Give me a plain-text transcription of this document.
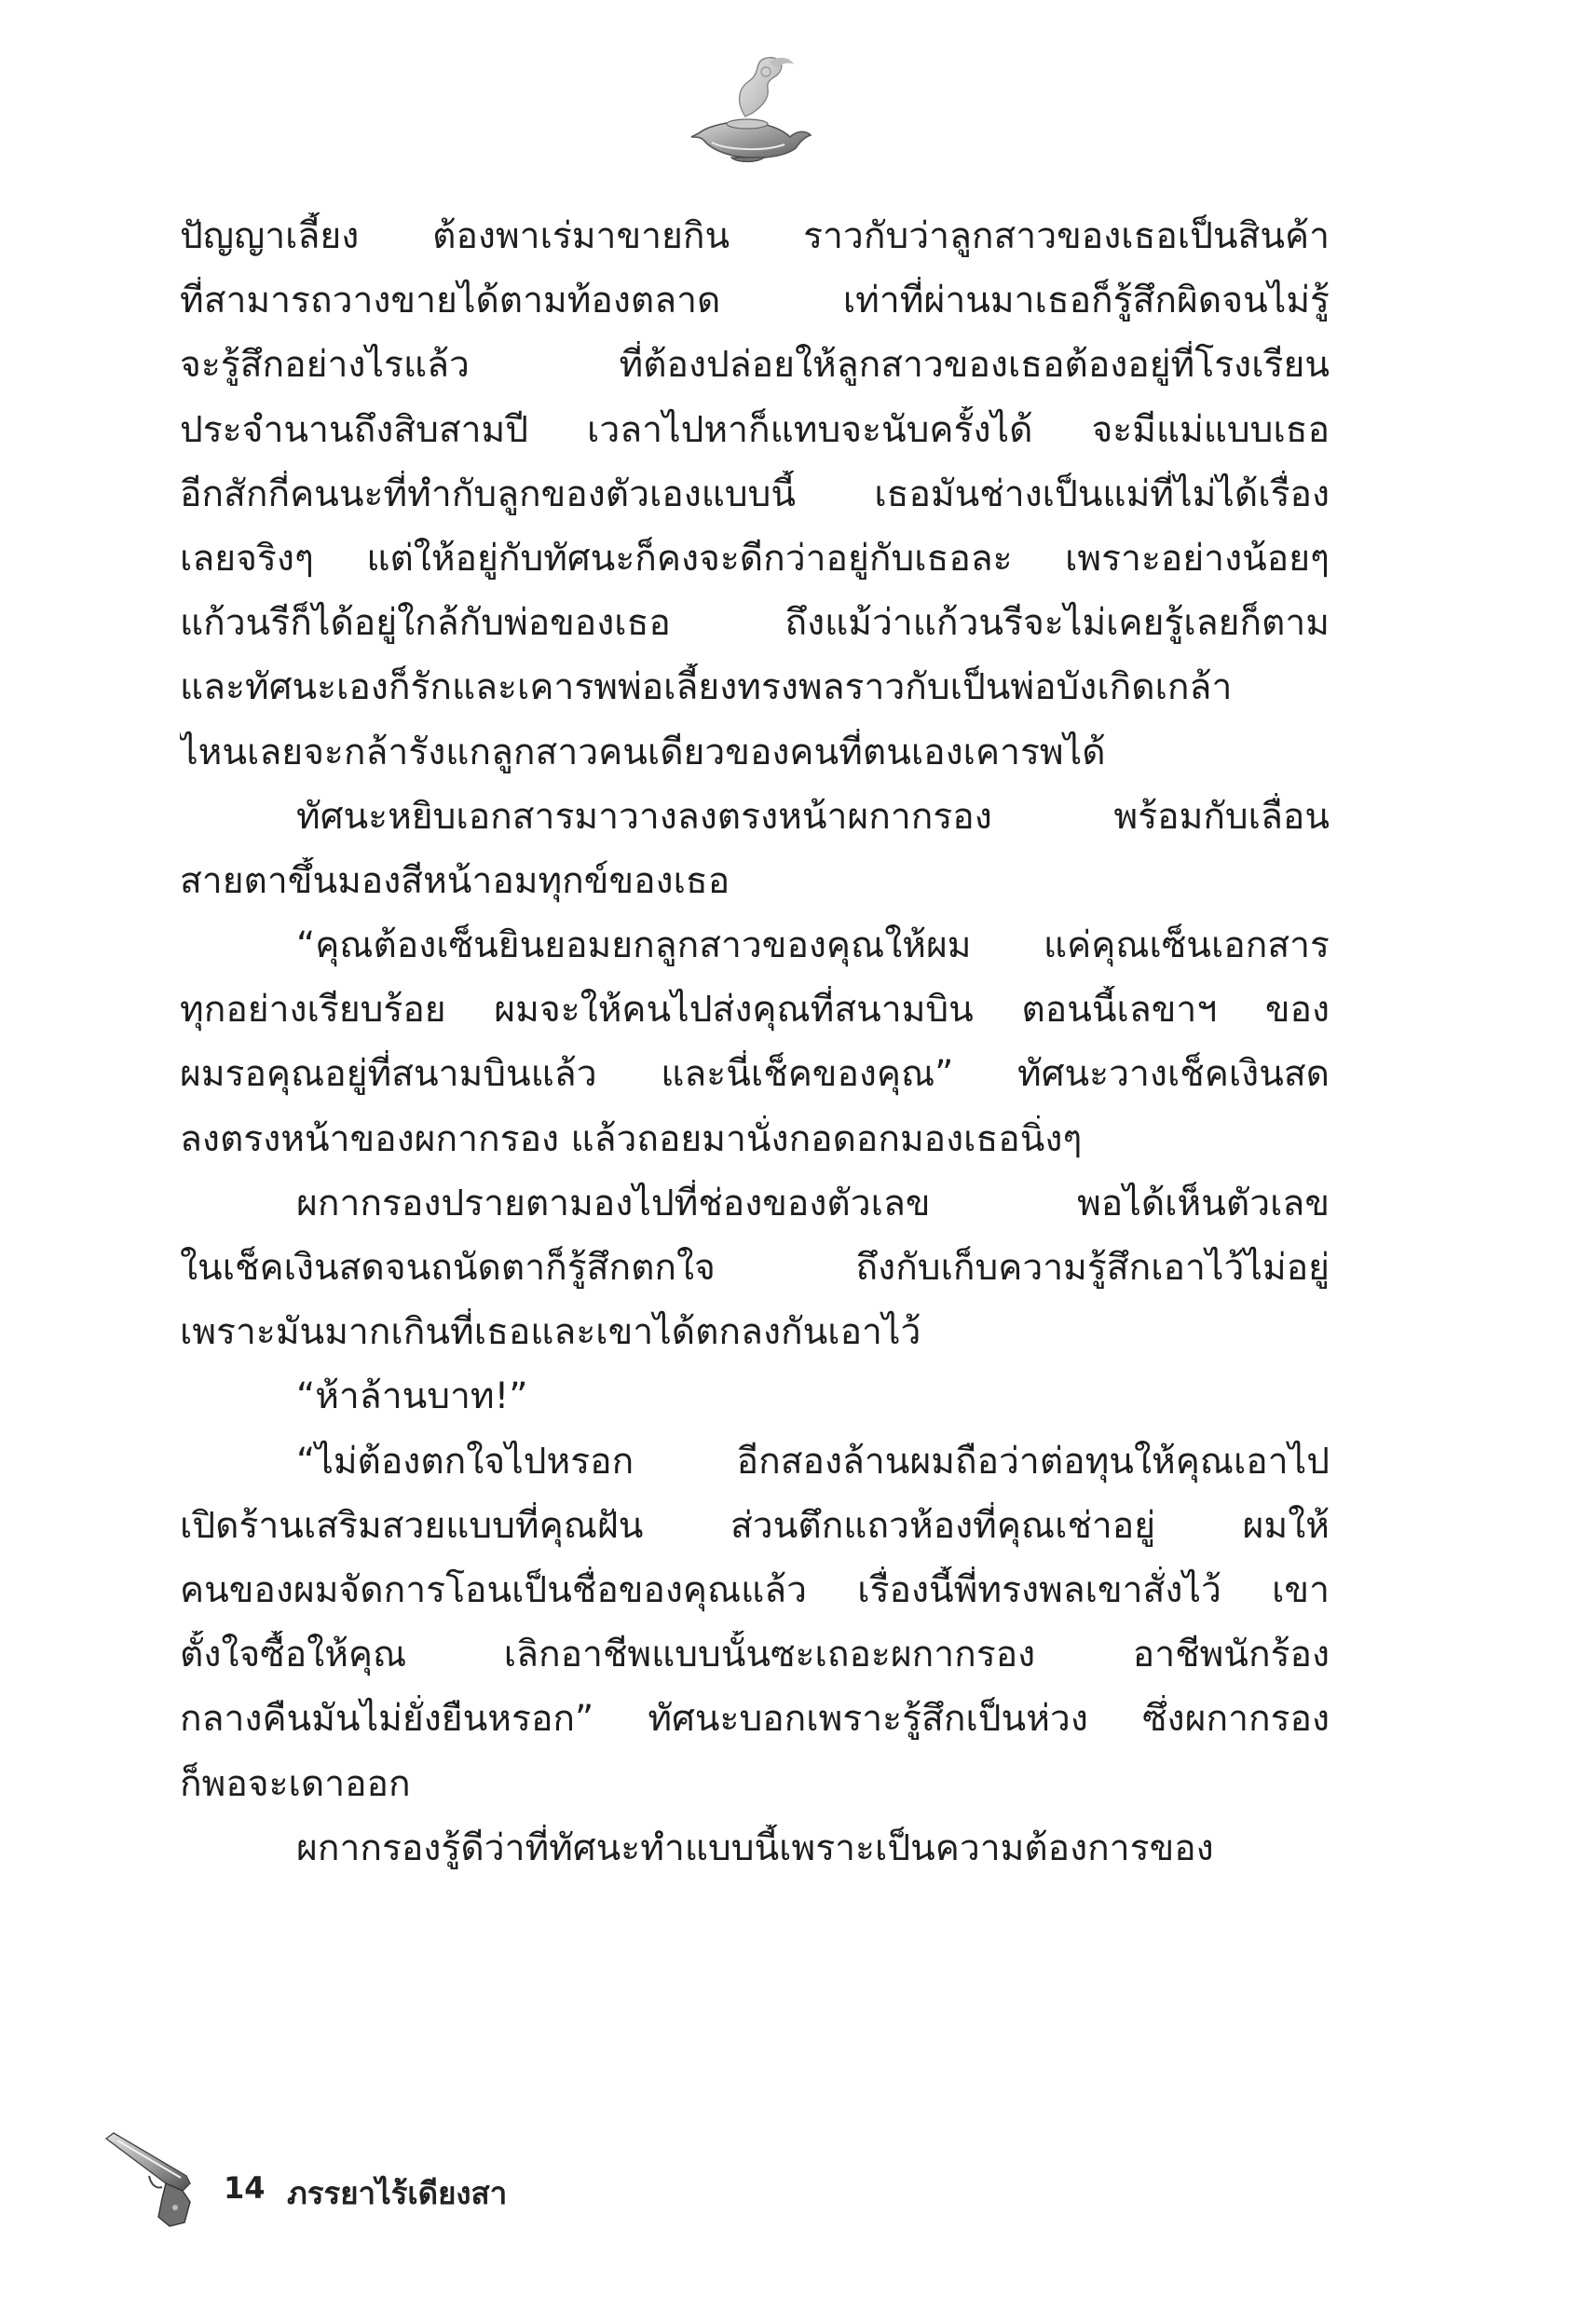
ปัญญาเลี้ยง ต้องพาเร่มาขายกิน ราวกับว่าลูกสาวของเธอเป็นสินค้า
ที่สามารถวางขายได้ตามท้องตลาด เท่าที่ผ่านมาเธอก็รู้สึกผิดจนไม่รู้
จะรู้สึกอย่างไรแล้ว ที่ต้องปล่อยให้ลูกสาวของเธอต้องอยู่ที่โรงเรียน
ประจำนานถึงสิบสามปี เวลาไปหาก็แทบจะนับครั้งได้ จะมีแม่แบบเธอ
อีกสักกี่คนนะที่ทำกับลูกของตัวเองแบบนี้ เธอมันช่างเป็นแม่ที่ไม่ได้เรื่อง
เลยจริงๆ แต่ให้อยู่กับทัศนะก็คงจะดีกว่าอยู่กับเธอละ เพราะอย่างน้อยๆ
แก้วนรีก็ได้อยู่ใกล้กับพ่อของเธอ ถึงแม้ว่าแก้วนรีจะไม่เคยรู้เลยก็ตาม
และทัศนะเองก็รักและเคารพพ่อเลี้ยงทรงพลราวกับเป็นพ่อบังเกิดเกล้า
ไหนเลยจะกล้ารังแกลูกสาวคนเดียวของคนที่ตนเองเคารพได้
ทัศนะหยิบเอกสารมาวางลงตรงหน้าผกากรอง พร้อมกับเลื่อน
สายตาขึ้นมองสีหน้าอมทุกข์ของเธอ
“คุณต้องเซ็นยินยอมยกลูกสาวของคุณให้ผม แค่คุณเซ็นเอกสาร
ทุกอย่างเรียบร้อย ผมจะให้คนไปส่งคุณที่สนามบิน ตอนนี้เลขาฯ ของ
ผมรอคุณอยู่ที่สนามบินแล้ว และนี่เช็คของคุณ” ทัศนะวางเช็คเงินสด
ลงตรงหน้าของผกากรอง แล้วถอยมานั่งกอดอกมองเธอนิ่งๆ
ผกากรองปรายตามองไปที่ช่องของตัวเลข พอได้เห็นตัวเลข
ในเช็คเงินสดจนถนัดตาก็รู้สึกตกใจ ถึงกับเก็บความรู้สึกเอาไว้ไม่อยู่
เพราะมันมากเกินที่เธอและเขาได้ตกลงกันเอาไว้
“ห้าล้านบาท!”
“ไม่ต้องตกใจไปหรอก อีกสองล้านผมถือว่าต่อทุนให้คุณเอาไป
เปิดร้านเสริมสวยแบบที่คุณฝัน ส่วนตึกแถวห้องที่คุณเช่าอยู่ ผมให้
คนของผมจัดการโอนเป็นชื่อของคุณแล้ว เรื่องนี้พี่ทรงพลเขาสั่งไว้ เขา
ตั้งใจซื้อให้คุณ เลิกอาชีพแบบนั้นซะเถอะผกากรอง อาชีพนักร้อง
กลางคืนมันไม่ยั่งยืนหรอก” ทัศนะบอกเพราะรู้สึกเป็นห่วง ซึ่งผกากรอง
ก็พอจะเดาออก
ผกากรองรู้ดีว่าที่ทัศนะทำแบบนี้เพราะเป็นความต้องการของ
14 ภรรยาไร้เดียงสา
